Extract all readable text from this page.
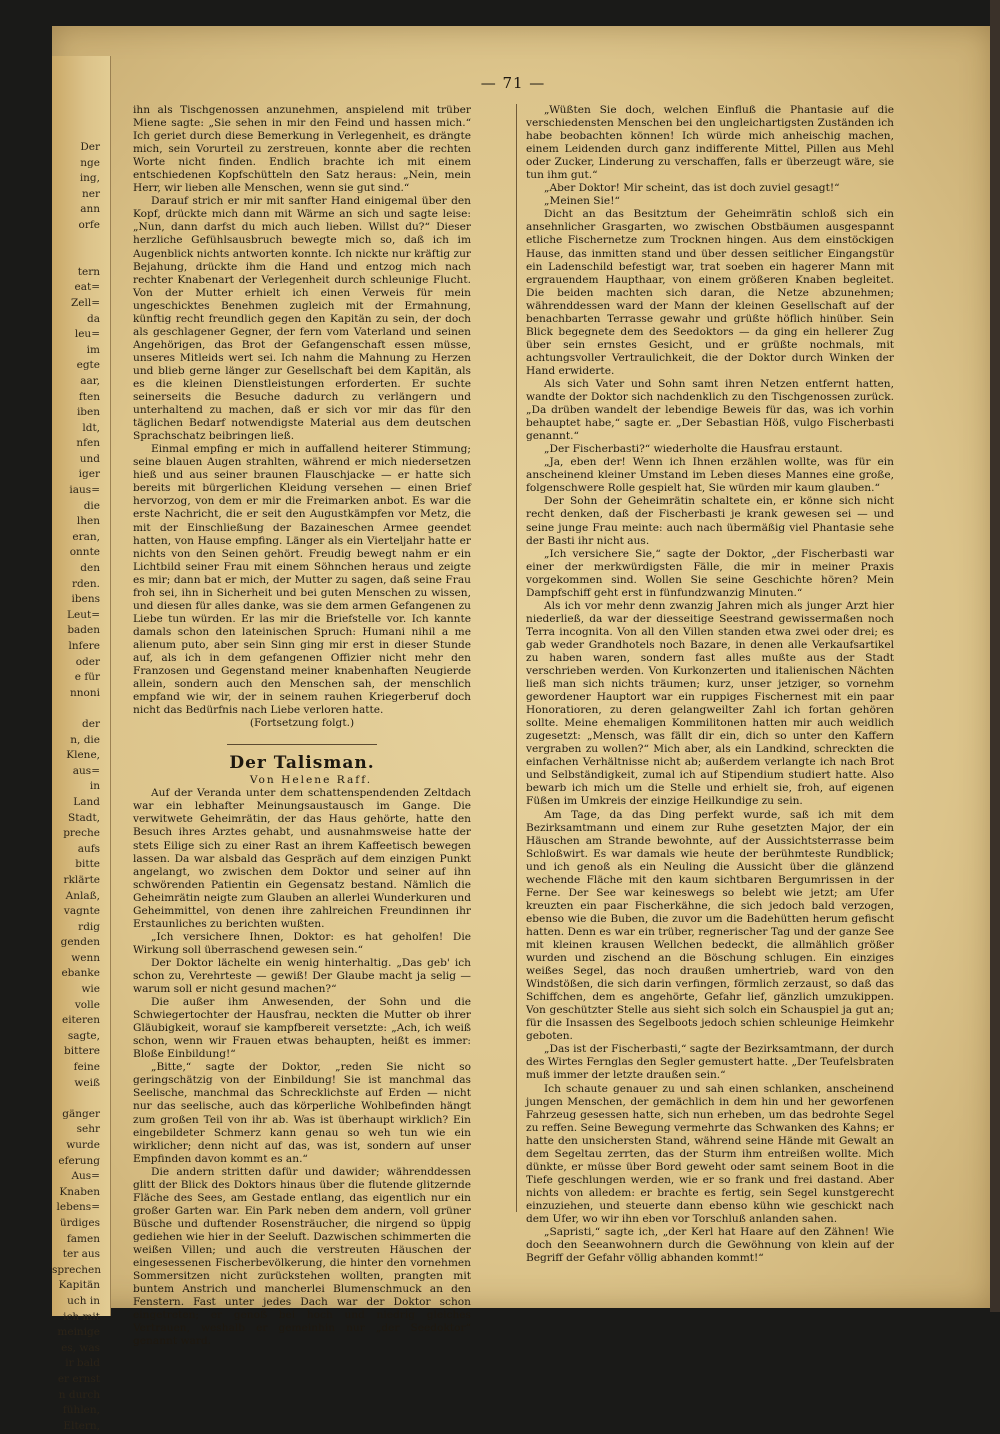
Der
nge
ing,
ner
ann
orfe

tern
eat=
Zell=
da
leu=
im
egte
aar,
ften
iben
ldt,
nfen
und
iger
iaus=
die
lhen
eran,
onnte
den
rden.
ibens
Leut=
baden
lnfere
oder
e für
nnoni

der
n, die
Klene,
aus=
in
Land
Stadt,
preche
aufs
bitte
rklärte
Anlaß,
vagnte
rdig
genden
wenn
ebanke
wie
volle
eiteren
sagte,
bittere
feine
weiß

gänger
sehr
wurde
eferung
Aus=
Knaben
lebens=
ürdiges
famen
ter aus
sprechen
Kapitän
uch in
ich mit
meinige
es, was
ir bald
er ernst
n durch
fühlen,
Eltern,
— 71 —

ihn als Tischgenossen anzunehmen, anspielend mit trüber Miene sagte: „Sie sehen in mir den Feind und hassen mich.“ Ich geriet durch diese Bemerkung in Verlegenheit, es drängte mich, sein Vorurteil zu zerstreuen, konnte aber die rechten Worte nicht finden. Endlich brachte ich mit einem entschiedenen Kopfschütteln den Satz heraus: „Nein, mein Herr, wir lieben alle Menschen, wenn sie gut sind.“

Darauf strich er mir mit sanfter Hand einigemal über den Kopf, drückte mich dann mit Wärme an sich und sagte leise: „Nun, dann darfst du mich auch lieben. Willst du?“ Dieser herzliche Gefühlsausbruch bewegte mich so, daß ich im Augenblick nichts antworten konnte. Ich nickte nur kräftig zur Bejahung, drückte ihm die Hand und entzog mich nach rechter Knabenart der Verlegenheit durch schleunige Flucht. Von der Mutter erhielt ich einen Verweis für mein ungeschicktes Benehmen zugleich mit der Ermahnung, künftig recht freundlich gegen den Kapitän zu sein, der doch als geschlagener Gegner, der fern vom Vaterland und seinen Angehörigen, das Brot der Gefangenschaft essen müsse, unseres Mitleids wert sei. Ich nahm die Mahnung zu Herzen und blieb gerne länger zur Gesellschaft bei dem Kapitän, als es die kleinen Dienstleistungen erforderten. Er suchte seinerseits die Besuche dadurch zu verlängern und unterhaltend zu machen, daß er sich vor mir das für den täglichen Bedarf notwendigste Material aus dem deutschen Sprachschatz beibringen ließ.

Einmal empfing er mich in auffallend heiterer Stimmung; seine blauen Augen strahlten, während er mich niedersetzen hieß und aus seiner braunen Flauschjacke — er hatte sich bereits mit bürgerlichen Kleidung versehen — einen Brief hervorzog, von dem er mir die Freimarken anbot. Es war die erste Nachricht, die er seit den Augustkämpfen vor Metz, die mit der Einschließung der Bazaineschen Armee geendet hatten, von Hause empfing. Länger als ein Vierteljahr hatte er nichts von den Seinen gehört. Freudig bewegt nahm er ein Lichtbild seiner Frau mit einem Söhnchen heraus und zeigte es mir; dann bat er mich, der Mutter zu sagen, daß seine Frau froh sei, ihn in Sicherheit und bei guten Menschen zu wissen, und diesen für alles danke, was sie dem armen Gefangenen zu Liebe tun würden. Er las mir die Briefstelle vor. Ich kannte damals schon den lateinischen Spruch: Humani nihil a me alienum puto, aber sein Sinn ging mir erst in dieser Stunde auf, als ich in dem gefangenen Offizier nicht mehr den Franzosen und Gegenstand meiner knabenhaften Neugierde allein, sondern auch den Menschen sah, der menschlich empfand wie wir, der in seinem rauhen Kriegerberuf doch nicht das Bedürfnis nach Liebe verloren hatte.

(Fortsetzung folgt.)

Der Talisman.

Von Helene Raff.

Auf der Veranda unter dem schattenspendenden Zeltdach war ein lebhafter Meinungsaustausch im Gange. Die verwitwete Geheimrätin, der das Haus gehörte, hatte den Besuch ihres Arztes gehabt, und ausnahmsweise hatte der stets Eilige sich zu einer Rast an ihrem Kaffeetisch bewegen lassen. Da war alsbald das Gespräch auf dem einzigen Punkt angelangt, wo zwischen dem Doktor und seiner auf ihn schwörenden Patientin ein Gegensatz bestand. Nämlich die Geheimrätin neigte zum Glauben an allerlei Wunderkuren und Geheimmittel, von denen ihre zahlreichen Freundinnen ihr Erstaunliches zu berichten wußten.

„Ich versichere Ihnen, Doktor: es hat geholfen! Die Wirkung soll überraschend gewesen sein.“

Der Doktor lächelte ein wenig hinterhaltig. „Das geb' ich schon zu, Verehrteste — gewiß! Der Glaube macht ja selig — warum soll er nicht gesund machen?“

Die außer ihm Anwesenden, der Sohn und die Schwiegertochter der Hausfrau, neckten die Mutter ob ihrer Gläubigkeit, worauf sie kampfbereit versetzte: „Ach, ich weiß schon, wenn wir Frauen etwas behaupten, heißt es immer: Bloße Einbildung!“

„Bitte,“ sagte der Doktor, „reden Sie nicht so geringschätzig von der Einbildung! Sie ist manchmal das Seelische, manchmal das Schrecklichste auf Erden — nicht nur das seelische, auch das körperliche Wohlbefinden hängt zum großen Teil von ihr ab. Was ist überhaupt wirklich? Ein eingebildeter Schmerz kann genau so weh tun wie ein wirklicher; denn nicht auf das, was ist, sondern auf unser Empfinden davon kommt es an.“

Die andern stritten dafür und dawider; währenddessen glitt der Blick des Doktors hinaus über die flutende glitzernde Fläche des Sees, am Gestade entlang, das eigentlich nur ein großer Garten war. Ein Park neben dem andern, voll grüner Büsche und duftender Rosensträucher, die nirgend so üppig gediehen wie hier in der Seeluft. Dazwischen schimmerten die weißen Villen; und auch die verstreuten Häuschen der eingesessenen Fischerbevölkerung, die hinter den vornehmen Sommersitzen nicht zurückstehen wollten, prangten mit buntem Anstrich und mancherlei Blumenschmuck an den Fenstern. Fast unter jedes Dach war der Doktor schon eingetreten; er genoß bei hoch und niedrig gleiches Vertrauen, weshalb er gemeinhin nur „der Seedoktor“ genannt ward.

„Wüßten Sie doch, welchen Einfluß die Phantasie auf die verschiedensten Menschen bei den ungleichartigsten Zuständen ich habe beobachten können! Ich würde mich anheischig machen, einem Leidenden durch ganz indifferente Mittel, Pillen aus Mehl oder Zucker, Linderung zu verschaffen, falls er überzeugt wäre, sie tun ihm gut.“

„Aber Doktor! Mir scheint, das ist doch zuviel gesagt!“

„Meinen Sie!“

Dicht an das Besitztum der Geheimrätin schloß sich ein ansehnlicher Grasgarten, wo zwischen Obstbäumen ausgespannt etliche Fischernetze zum Trocknen hingen. Aus dem einstöckigen Hause, das inmitten stand und über dessen seitlicher Eingangstür ein Ladenschild befestigt war, trat soeben ein hagerer Mann mit ergrauendem Haupthaar, von einem größeren Knaben begleitet. Die beiden machten sich daran, die Netze abzunehmen; währenddessen ward der Mann der kleinen Gesellschaft auf der benachbarten Terrasse gewahr und grüßte höflich hinüber. Sein Blick begegnete dem des Seedoktors — da ging ein hellerer Zug über sein ernstes Gesicht, und er grüßte nochmals, mit achtungsvoller Vertraulichkeit, die der Doktor durch Winken der Hand erwiderte.

Als sich Vater und Sohn samt ihren Netzen entfernt hatten, wandte der Doktor sich nachdenklich zu den Tischgenossen zurück. „Da drüben wandelt der lebendige Beweis für das, was ich vorhin behauptet habe,“ sagte er. „Der Sebastian Höß, vulgo Fischerbasti genannt.“

„Der Fischerbasti?“ wiederholte die Hausfrau erstaunt.

„Ja, eben der! Wenn ich Ihnen erzählen wollte, was für ein anscheinend kleiner Umstand im Leben dieses Mannes eine große, folgenschwere Rolle gespielt hat, Sie würden mir kaum glauben.“

Der Sohn der Geheimrätin schaltete ein, er könne sich nicht recht denken, daß der Fischerbasti je krank gewesen sei — und seine junge Frau meinte: auch nach übermäßig viel Phantasie sehe der Basti ihr nicht aus.

„Ich versichere Sie,“ sagte der Doktor, „der Fischerbasti war einer der merkwürdigsten Fälle, die mir in meiner Praxis vorgekommen sind. Wollen Sie seine Geschichte hören? Mein Dampfschiff geht erst in fünfundzwanzig Minuten.“

Als ich vor mehr denn zwanzig Jahren mich als junger Arzt hier niederließ, da war der diesseitige Seestrand gewissermaßen noch Terra incognita. Von all den Villen standen etwa zwei oder drei; es gab weder Grandhotels noch Bazare, in denen alle Verkaufsartikel zu haben waren, sondern fast alles mußte aus der Stadt verschrieben werden. Von Kurkonzerten und italienischen Nächten ließ man sich nichts träumen; kurz, unser jetziger, so vornehm gewordener Hauptort war ein ruppiges Fischernest mit ein paar Honoratioren, zu deren gelangweilter Zahl ich fortan gehören sollte. Meine ehemaligen Kommilitonen hatten mir auch weidlich zugesetzt: „Mensch, was fällt dir ein, dich so unter den Kaffern vergraben zu wollen?“ Mich aber, als ein Landkind, schreckten die einfachen Verhältnisse nicht ab; außerdem verlangte ich nach Brot und Selbständigkeit, zumal ich auf Stipendium studiert hatte. Also bewarb ich mich um die Stelle und erhielt sie, froh, auf eigenen Füßen im Umkreis der einzige Heilkundige zu sein.

Am Tage, da das Ding perfekt wurde, saß ich mit dem Bezirksamtmann und einem zur Ruhe gesetzten Major, der ein Häuschen am Strande bewohnte, auf der Aussichtsterrasse beim Schloßwirt. Es war damals wie heute der berühmteste Rundblick; und ich genoß als ein Neuling die Aussicht über die glänzend wechende Fläche mit den kaum sichtbaren Bergumrissen in der Ferne. Der See war keineswegs so belebt wie jetzt; am Ufer kreuzten ein paar Fischerkähne, die sich jedoch bald verzogen, ebenso wie die Buben, die zuvor um die Badehütten herum gefischt hatten. Denn es war ein trüber, regnerischer Tag und der ganze See mit kleinen krausen Wellchen bedeckt, die allmählich größer wurden und zischend an die Böschung schlugen. Ein einziges weißes Segel, das noch draußen umhertrieb, ward von den Windstößen, die sich darin verfingen, förmlich zerzaust, so daß das Schiffchen, dem es angehörte, Gefahr lief, gänzlich umzukippen. Von geschützter Stelle aus sieht sich solch ein Schauspiel ja gut an; für die Insassen des Segelboots jedoch schien schleunige Heimkehr geboten.

„Das ist der Fischerbasti,“ sagte der Bezirksamtmann, der durch des Wirtes Fernglas den Segler gemustert hatte. „Der Teufelsbraten muß immer der letzte draußen sein.“

Ich schaute genauer zu und sah einen schlanken, anscheinend jungen Menschen, der gemächlich in dem hin und her geworfenen Fahrzeug gesessen hatte, sich nun erheben, um das bedrohte Segel zu reffen. Seine Bewegung vermehrte das Schwanken des Kahns; er hatte den unsichersten Stand, während seine Hände mit Gewalt an dem Segeltau zerrten, das der Sturm ihm entreißen wollte. Mich dünkte, er müsse über Bord geweht oder samt seinem Boot in die Tiefe geschlungen werden, wie er so frank und frei dastand. Aber nichts von alledem: er brachte es fertig, sein Segel kunstgerecht einzuziehen, und steuerte dann ebenso kühn wie geschickt nach dem Ufer, wo wir ihn eben vor Torschluß anlanden sahen.

„Sapristi,“ sagte ich, „der Kerl hat Haare auf den Zähnen! Wie doch den Seeanwohnern durch die Gewöhnung von klein auf der Begriff der Gefahr völlig abhanden kommt!“
